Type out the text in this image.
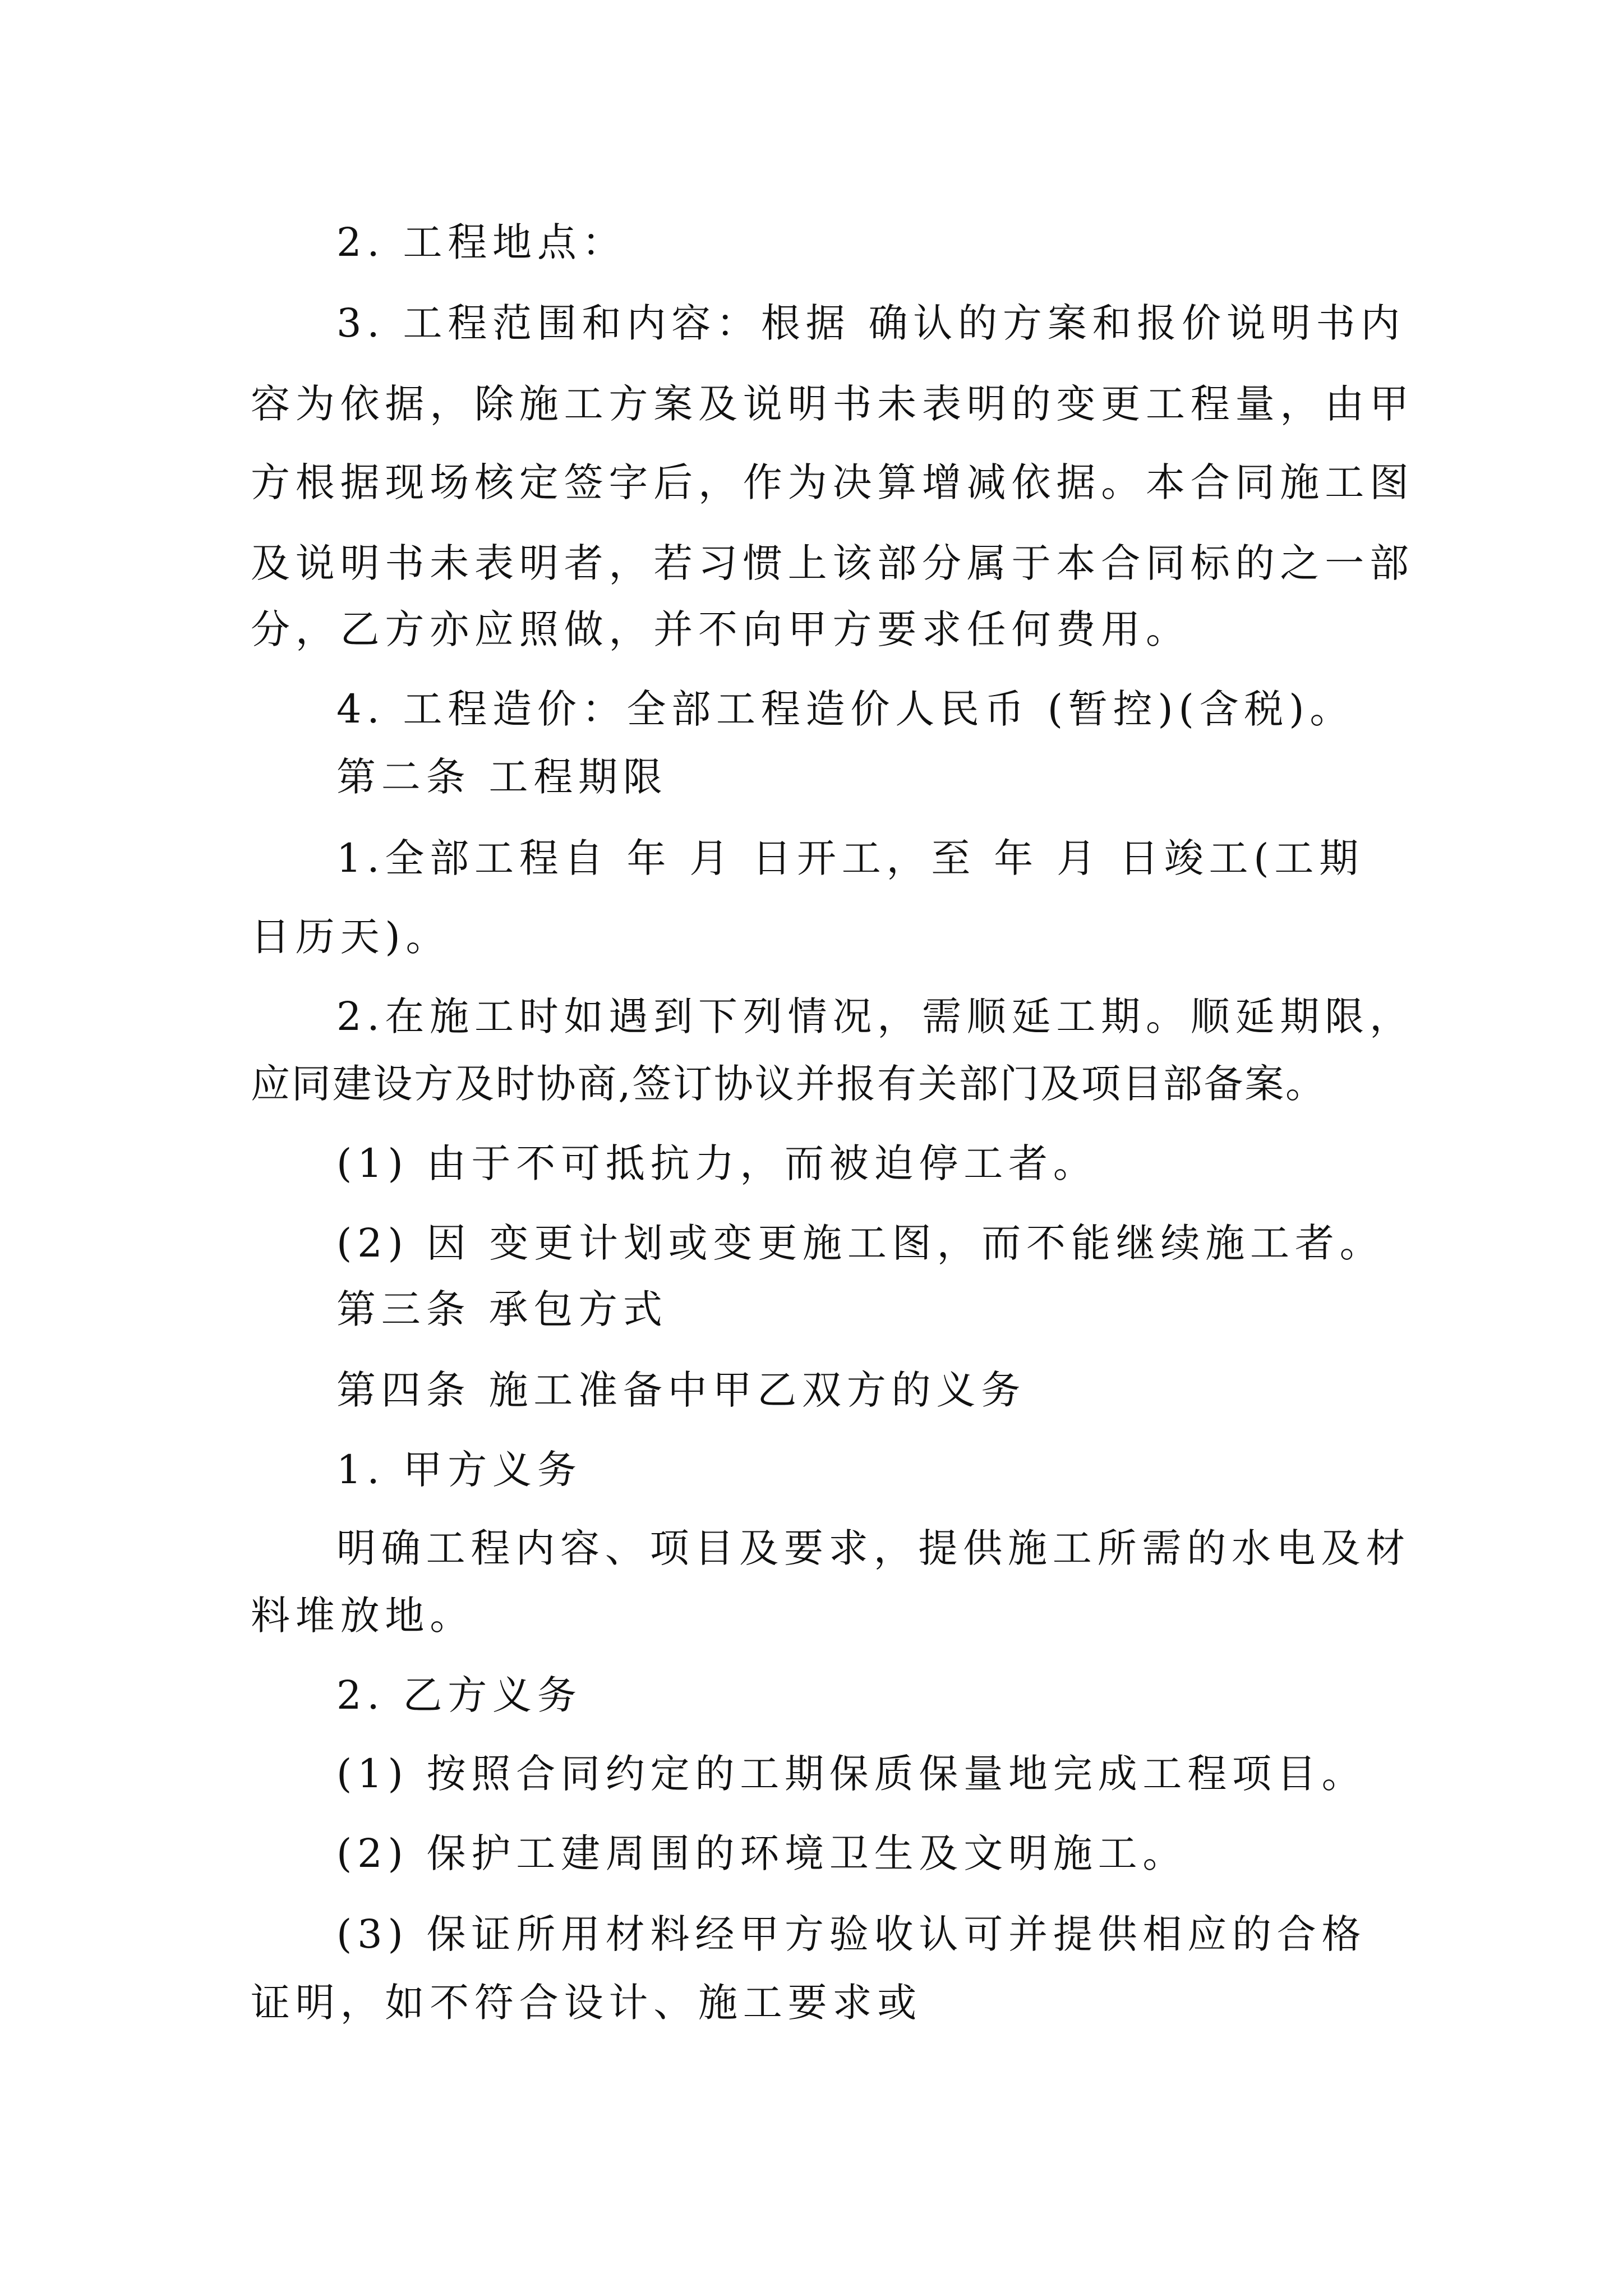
2. 工程地点：
3. 工程范围和内容：根据 确认的方案和报价说明书内
容为依据，除施工方案及说明书未表明的变更工程量，由甲
方根据现场核定签字后，作为决算增减依据。本合同施工图
及说明书未表明者，若习惯上该部分属于本合同标的之一部
分，乙方亦应照做，并不向甲方要求任何费用。
4. 工程造价：全部工程造价人民币 (暂控)(含税)。
第二条 工程期限
1.全部工程自 年 月 日开工，至 年 月 日竣工(工期
日历天)。
2.在施工时如遇到下列情况，需顺延工期。顺延期限，
应同建设方及时协商,签订协议并报有关部门及项目部备案。
(1) 由于不可抵抗力，而被迫停工者。
(2) 因 变更计划或变更施工图，而不能继续施工者。
第三条 承包方式
第四条 施工准备中甲乙双方的义务
1. 甲方义务
明确工程内容、项目及要求，提供施工所需的水电及材
料堆放地。
2. 乙方义务
(1) 按照合同约定的工期保质保量地完成工程项目。
(2) 保护工建周围的环境卫生及文明施工。
(3) 保证所用材料经甲方验收认可并提供相应的合格
证明，如不符合设计、施工要求或
